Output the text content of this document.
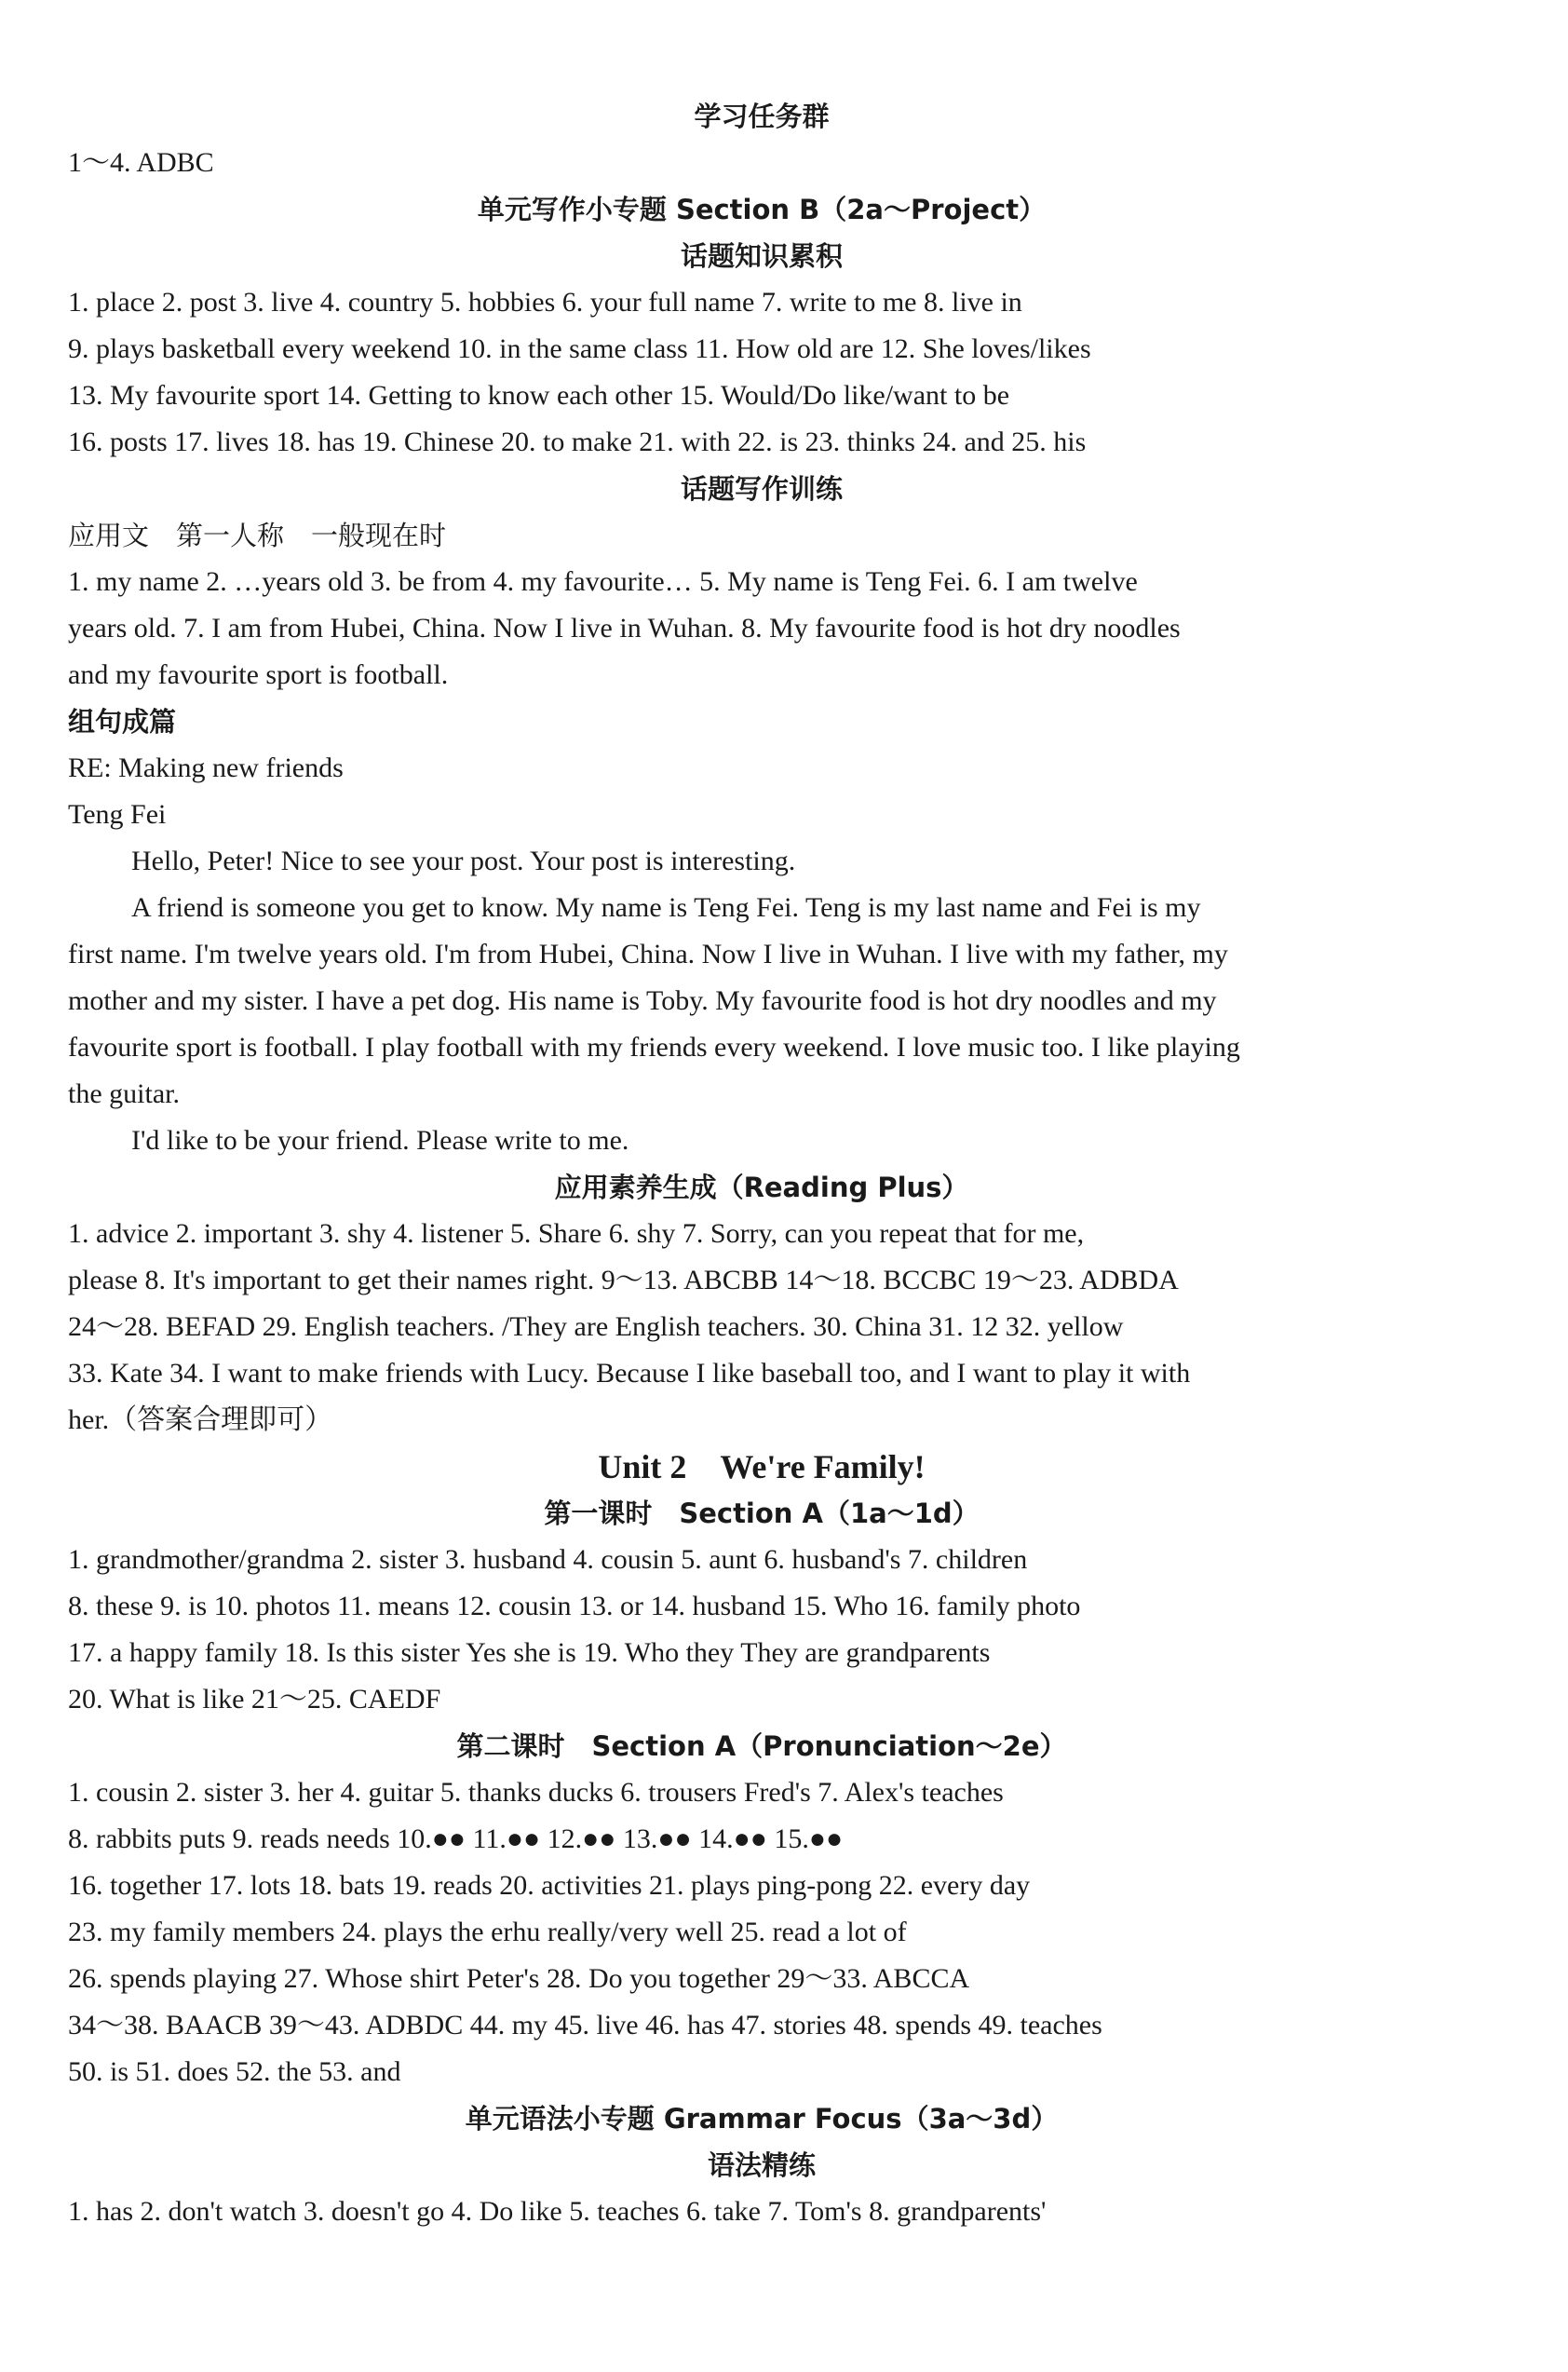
学习任务群
1～4. ADBC
单元写作小专题 Section B（2a～Project）
话题知识累积
1. place 2. post 3. live 4. country 5. hobbies 6. your full name 7. write to me 8. live in
9. plays basketball every weekend 10. in the same class 11. How old are 12. She loves/likes
13. My favourite sport 14. Getting to know each other 15. Would/Do like/want to be
16. posts 17. lives 18. has 19. Chinese 20. to make 21. with 22. is 23. thinks 24. and 25. his
话题写作训练
应用文　第一人称　一般现在时
1. my name 2. …years old 3. be from 4. my favourite… 5. My name is Teng Fei. 6. I am twelve
years old. 7. I am from Hubei, China. Now I live in Wuhan. 8. My favourite food is hot dry noodles
and my favourite sport is football.
组句成篇
RE: Making new friends
Teng Fei
Hello, Peter! Nice to see your post. Your post is interesting.
A friend is someone you get to know. My name is Teng Fei. Teng is my last name and Fei is my
first name. I'm twelve years old. I'm from Hubei, China. Now I live in Wuhan. I live with my father, my
mother and my sister. I have a pet dog. His name is Toby. My favourite food is hot dry noodles and my
favourite sport is football. I play football with my friends every weekend. I love music too. I like playing
the guitar.
I'd like to be your friend. Please write to me.
应用素养生成（Reading Plus）
1. advice 2. important 3. shy 4. listener 5. Share 6. shy 7. Sorry, can you repeat that for me,
please 8. It's important to get their names right. 9～13. ABCBB 14～18. BCCBC 19～23. ADBDA
24～28. BEFAD 29. English teachers. /They are English teachers. 30. China 31. 12 32. yellow
33. Kate 34. I want to make friends with Lucy. Because I like baseball too, and I want to play it with
her.（答案合理即可）
Unit 2　We're Family!
第一课时　Section A（1a～1d）
1. grandmother/grandma 2. sister 3. husband 4. cousin 5. aunt 6. husband's 7. children
8. these 9. is 10. photos 11. means 12. cousin 13. or 14. husband 15. Who 16. family photo
17. a happy family 18. Is this sister Yes she is 19. Who they They are grandparents
20. What is like 21～25. CAEDF
第二课时　Section A（Pronunciation～2e）
1. cousin 2. sister 3. her 4. guitar 5. thanks ducks 6. trousers Fred's 7. Alex's teaches
8. rabbits puts 9. reads needs 10.●● 11.●● 12.●● 13.●● 14.●● 15.●●
16. together 17. lots 18. bats 19. reads 20. activities 21. plays ping-pong 22. every day
23. my family members 24. plays the erhu really/very well 25. read a lot of
26. spends playing 27. Whose shirt Peter's 28. Do you together 29～33. ABCCA
34～38. BAACB 39～43. ADBDC 44. my 45. live 46. has 47. stories 48. spends 49. teaches
50. is 51. does 52. the 53. and
单元语法小专题 Grammar Focus（3a～3d）
语法精练
1. has 2. don't watch 3. doesn't go 4. Do like 5. teaches 6. take 7. Tom's 8. grandparents'
